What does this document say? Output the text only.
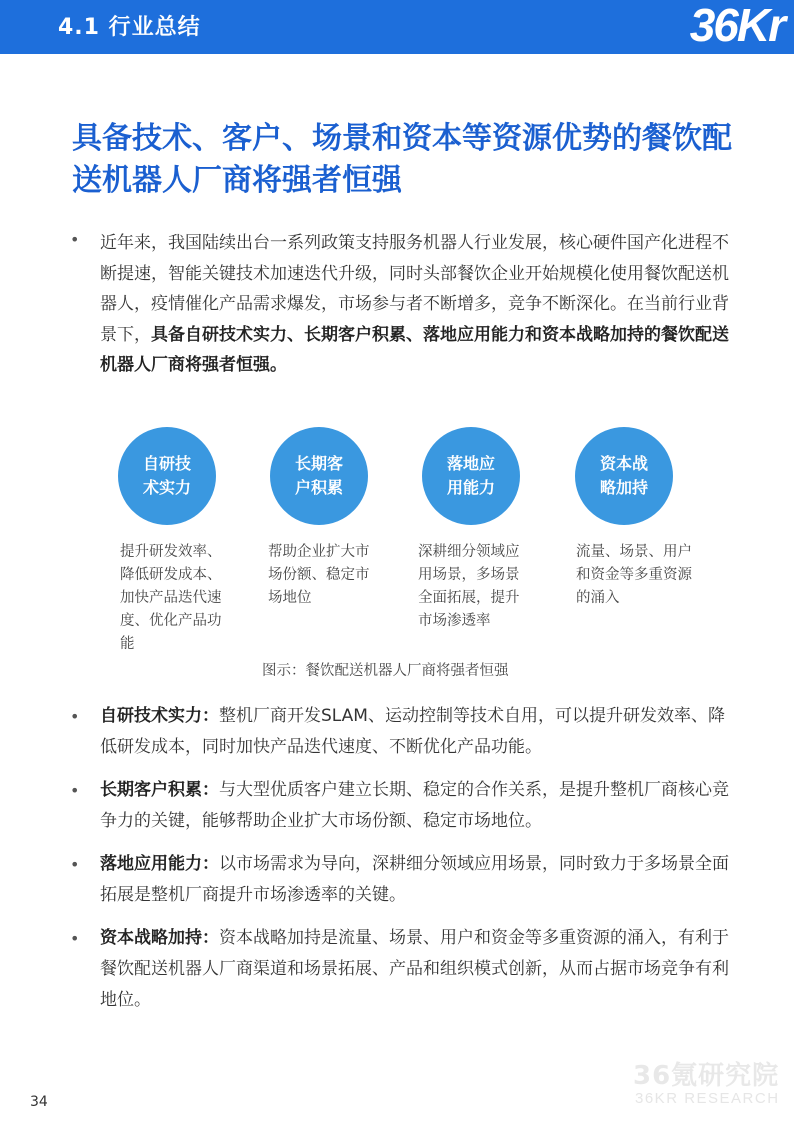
4.1 行业总结	36Kr
具备技术、客户、场景和资本等资源优势的餐饮配送机器人厂商将强者恒强
• 近年来，我国陆续出台一系列政策支持服务机器人行业发展，核心硬件国产化进程不断提速，智能关键技术加速迭代升级，同时头部餐饮企业开始规模化使用餐饮配送机器人，疫情催化产品需求爆发，市场参与者不断增多，竞争不断深化。在当前行业背景下，具备自研技术实力、长期客户积累、落地应用能力和资本战略加持的餐饮配送机器人厂商将强者恒强。
自研技术实力
长期客户积累
落地应用能力
资本战略加持
提升研发效率、降低研发成本、加快产品迭代速度、优化产品功能
帮助企业扩大市场份额、稳定市场地位
深耕细分领域应用场景，多场景全面拓展，提升市场渗透率
流量、场景、用户和资金等多重资源的涌入
图示：餐饮配送机器人厂商将强者恒强
• 自研技术实力：整机厂商开发SLAM、运动控制等技术自用，可以提升研发效率、降低研发成本，同时加快产品迭代速度、不断优化产品功能。
• 长期客户积累：与大型优质客户建立长期、稳定的合作关系，是提升整机厂商核心竞争力的关键，能够帮助企业扩大市场份额、稳定市场地位。
• 落地应用能力：以市场需求为导向，深耕细分领域应用场景，同时致力于多场景全面拓展是整机厂商提升市场渗透率的关键。
• 资本战略加持：资本战略加持是流量、场景、用户和资金等多重资源的涌入，有利于餐饮配送机器人厂商渠道和场景拓展、产品和组织模式创新，从而占据市场竞争有利地位。
36氪研究院
36KR RESEARCH
34
